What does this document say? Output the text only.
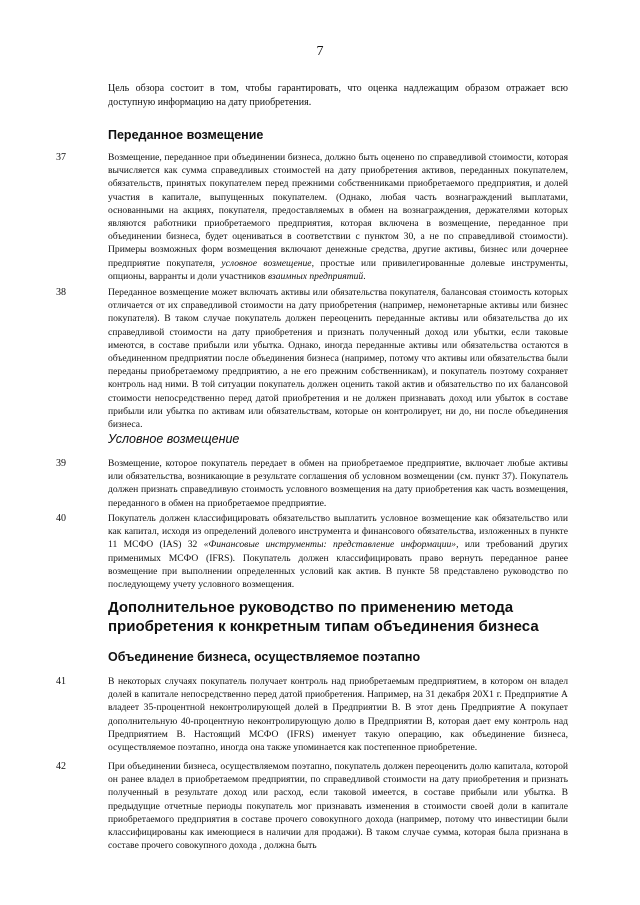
7
Цель обзора состоит в том, чтобы гарантировать, что оценка надлежащим образом отражает всю доступную информацию на дату приобретения.
Переданное возмещение
37	Возмещение, переданное при объединении бизнеса, должно быть оценено по справедливой стоимости, которая вычисляется как сумма справедливых стоимостей на дату приобретения активов, переданных покупателем, обязательств, принятых покупателем перед прежними собственниками приобретаемого предприятия, и долей участия в капитале, выпущенных покупателем. (Однако, любая часть вознаграждений выплатами, основанными на акциях, покупателя, предоставляемых в обмен на вознаграждения, держателями которых являются работники приобретаемого предприятия, которая включена в возмещение, переданное при объединении бизнеса, будет оцениваться в соответствии с пунктом 30, а не по справедливой стоимости). Примеры возможных форм возмещения включают денежные средства, другие активы, бизнес или дочернее предприятие покупателя, условное возмещение, простые или привилегированные долевые инструменты, опционы, варранты и доли участников взаимных предприятий.
38	Переданное возмещение может включать активы или обязательства покупателя, балансовая стоимость которых отличается от их справедливой стоимости на дату приобретения (например, немонетарные активы или бизнес покупателя). В таком случае покупатель должен переоценить переданные активы или обязательства до их справедливой стоимости на дату приобретения и признать полученный доход или убытки, если таковые имеются, в составе прибыли или убытка. Однако, иногда переданные активы или обязательства остаются в объединенном предприятии после объединения бизнеса (например, потому что активы или обязательства были переданы приобретаемому предприятию, а не его прежним собственникам), и покупатель поэтому сохраняет контроль над ними. В той ситуации покупатель должен оценить такой актив и обязательство по их балансовой стоимости непосредственно перед датой приобретения и не должен признавать доход или убыток в составе прибыли или убытка по активам или обязательствам, которые он контролирует, ни до, ни после объединения бизнеса.
Условное возмещение
39	Возмещение, которое покупатель передает в обмен на приобретаемое предприятие, включает любые активы или обязательства, возникающие в результате соглашения об условном возмещении (см. пункт 37). Покупатель должен признать справедливую стоимость условного возмещения на дату приобретения как часть возмещения, переданного в обмен на приобретаемое предприятие.
40	Покупатель должен классифицировать обязательство выплатить условное возмещение как обязательство или как капитал, исходя из определений долевого инструмента и финансового обязательства, изложенных в пункте 11 МСФО (IAS) 32 «Финансовые инструменты: представление информации», или требований других применимых МСФО (IFRS). Покупатель должен классифицировать право вернуть переданное ранее возмещение при выполнении определенных условий как актив. В пункте 58 представлено руководство по последующему учету условного возмещения.
Дополнительное руководство по применению метода приобретения к конкретным типам объединения бизнеса
Объединение бизнеса, осуществляемое поэтапно
41	В некоторых случаях покупатель получает контроль над приобретаемым предприятием, в котором он владел долей в капитале непосредственно перед датой приобретения. Например, на 31 декабря 20X1 г. Предприятие А владеет 35-процентной неконтролирующей долей в Предприятии В. В этот день Предприятие А покупает дополнительную 40-процентную неконтролирующую долю в Предприятии В, которая дает ему контроль над Предприятием В. Настоящий МСФО (IFRS) именует такую операцию, как объединение бизнеса, осуществляемое поэтапно, иногда она также упоминается как постепенное приобретение.
42	При объединении бизнеса, осуществляемом поэтапно, покупатель должен переоценить долю капитала, которой он ранее владел в приобретаемом предприятии, по справедливой стоимости на дату приобретения и признать полученный в результате доход или расход, если таковой имеется, в составе прибыли или убытка. В предыдущие отчетные периоды покупатель мог признавать изменения в стоимости своей доли в капитале приобретаемого предприятия в составе прочего совокупного дохода (например, потому что инвестиции были классифицированы как имеющиеся в наличии для продажи). В таком случае сумма, которая была признана в составе прочего совокупного дохода , должна быть
